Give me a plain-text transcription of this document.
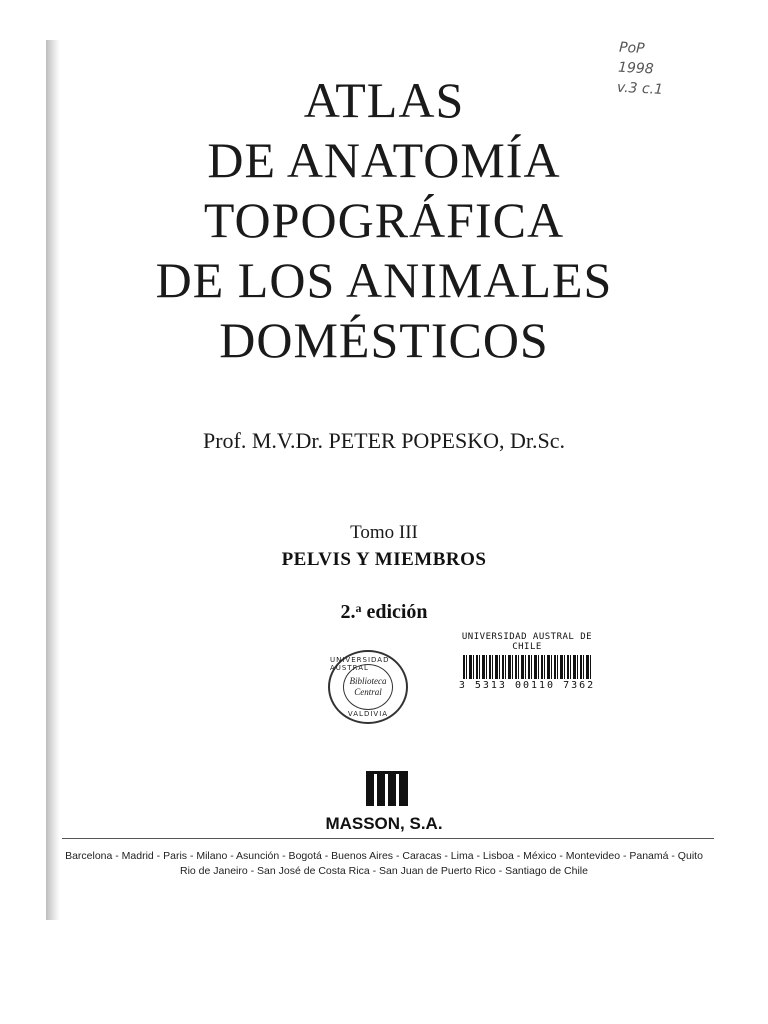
PoP
1998
v.3 c.1
ATLAS
DE ANATOMÍA
TOPOGRÁFICA
DE LOS ANIMALES
DOMÉSTICOS
Prof. M.V.Dr. PETER POPESKO, Dr.Sc.
Tomo III
PELVIS Y MIEMBROS
2.$^a$ edición
UNIVERSIDAD AUSTRAL
Biblioteca
Central
VALDIVIA
UNIVERSIDAD AUSTRAL DE CHILE
3 5313 00110 7362
MASSON, S.A.
Barcelona - Madrid - Paris - Milano - Asunción - Bogotá - Buenos Aires - Caracas - Lima - Lisboa - México - Montevideo - Panamá - Quito
Rio de Janeiro - San José de Costa Rica - San Juan de Puerto Rico - Santiago de Chile
